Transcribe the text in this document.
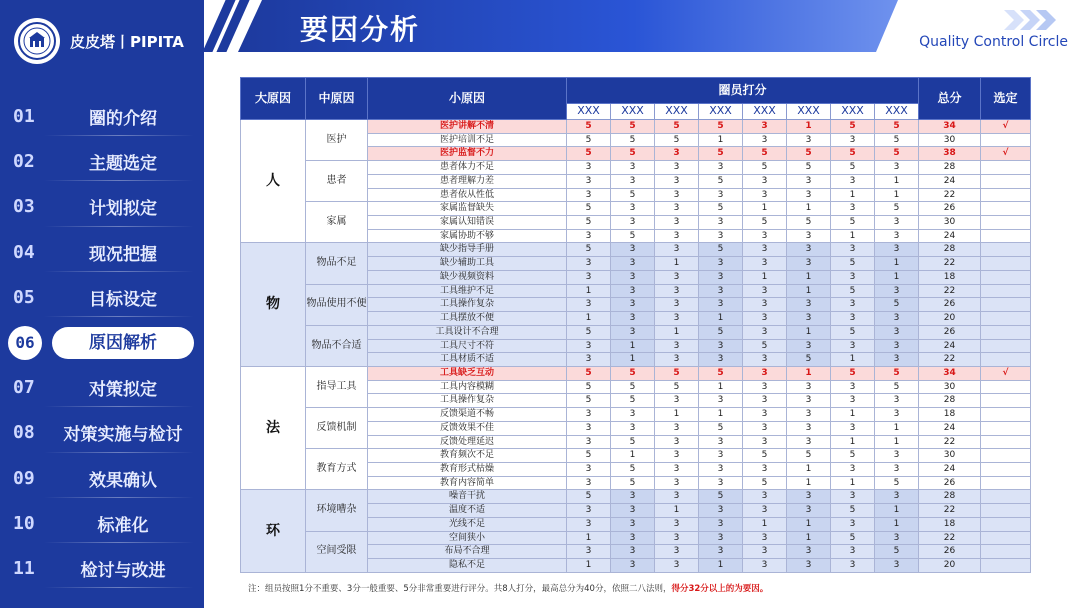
皮皮塔丨PIPITA
01	圈的介绍
02	主题选定
03	计划拟定
04	现况把握
05	目标设定
06	原因解析
07	对策拟定
08	对策实施与检讨
09	效果确认
10	标准化
11	检讨与改进
要因分析	Quality Control Circle
大原因	中原因	小原因	圈员打分								总分	选定
			XXX	XXX	XXX	XXX	XXX	XXX	XXX	XXX		
人	医护	医护讲解不清	5	5	5	5	3	1	5	5	34	√
		医护培训不足	5	5	5	1	3	3	3	5	30	
		医护监督不力	5	5	3	5	5	5	5	5	38	√
	患者	患者体力不足	3	3	3	3	5	5	5	3	28	
		患者理解力差	3	3	3	5	3	3	3	1	24	
		患者依从性低	3	5	3	3	3	3	1	1	22	
	家属	家属监督缺失	5	3	3	5	1	1	3	5	26	
		家属认知错误	5	3	3	3	5	5	5	3	30	
		家属协助不够	3	5	3	3	3	3	1	3	24	
物	物品不足	缺少指导手册	5	3	3	5	3	3	3	3	28	
		缺少辅助工具	3	3	1	3	3	3	5	1	22	
		缺少视频资料	3	3	3	3	1	1	3	1	18	
	物品使用不便	工具维护不足	1	3	3	3	3	1	5	3	22	
		工具操作复杂	3	3	3	3	3	3	3	5	26	
		工具摆放不便	1	3	3	1	3	3	3	3	20	
	物品不合适	工具设计不合理	5	3	1	5	3	1	5	3	26	
		工具尺寸不符	3	1	3	3	5	3	3	3	24	
		工具材质不适	3	1	3	3	3	5	1	3	22	
法	指导工具	工具缺乏互动	5	5	5	5	3	1	5	5	34	√
		工具内容模糊	5	5	5	1	3	3	3	5	30	
		工具操作复杂	5	5	3	3	3	3	3	3	28	
	反馈机制	反馈渠道不畅	3	3	1	1	3	3	1	3	18	
		反馈效果不佳	3	3	3	5	3	3	3	1	24	
		反馈处理延迟	3	5	3	3	3	3	1	1	22	
	教育方式	教育频次不足	5	1	3	3	5	5	5	3	30	
		教育形式枯燥	3	5	3	3	3	1	3	3	24	
		教育内容简单	3	5	3	3	5	1	1	5	26	
环	环境嘈杂	噪音干扰	5	3	3	5	3	3	3	3	28	
		温度不适	3	3	1	3	3	3	5	1	22	
		光线不足	3	3	3	3	1	1	3	1	18	
	空间受限	空间狭小	1	3	3	3	3	1	5	3	22	
		布局不合理	3	3	3	3	3	3	3	5	26	
		隐私不足	1	3	3	1	3	3	3	3	20	
注：组员按照1分不重要、3分一般重要、5分非常重要进行评分。共8人打分，最高总分为40分，依照二八法则，得分32分以上的为要因。
